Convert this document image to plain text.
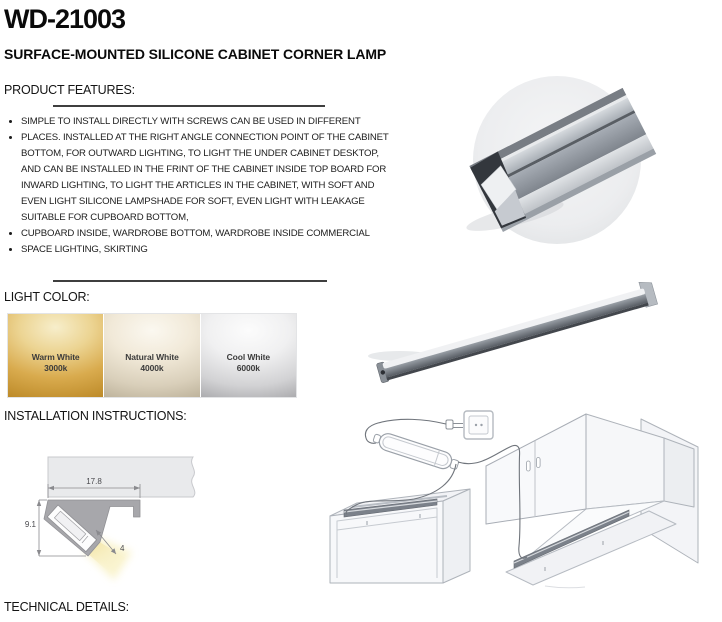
WD-21003
SURFACE-MOUNTED SILICONE CABINET CORNER LAMP
PRODUCT FEATURES:
• SIMPLE TO INSTALL DIRECTLY WITH SCREWS CAN BE USED IN DIFFERENT
• PLACES. INSTALLED AT THE RIGHT ANGLE CONNECTION POINT OF THE CABINET BOTTOM, FOR OUTWARD LIGHTING, TO LIGHT THE UNDER CABINET DESKTOP, AND CAN BE INSTALLED IN THE FRINT OF THE CABINET INSIDE TOP BOARD FOR INWARD LIGHTING, TO LIGHT THE ARTICLES IN THE CABINET, WITH SOFT AND EVEN LIGHT SILICONE LAMPSHADE FOR SOFT, EVEN LIGHT WITH LEAKAGE SUITABLE FOR CUPBOARD BOTTOM,
• CUPBOARD INSIDE, WARDROBE BOTTOM, WARDROBE INSIDE COMMERCIAL
• SPACE LIGHTING, SKIRTING
LIGHT COLOR:
Warm White
3000k
Natural White
4000k
Cool White
6000k
INSTALLATION INSTRUCTIONS:
17.8
9.1
4
TECHNICAL DETAILS:
